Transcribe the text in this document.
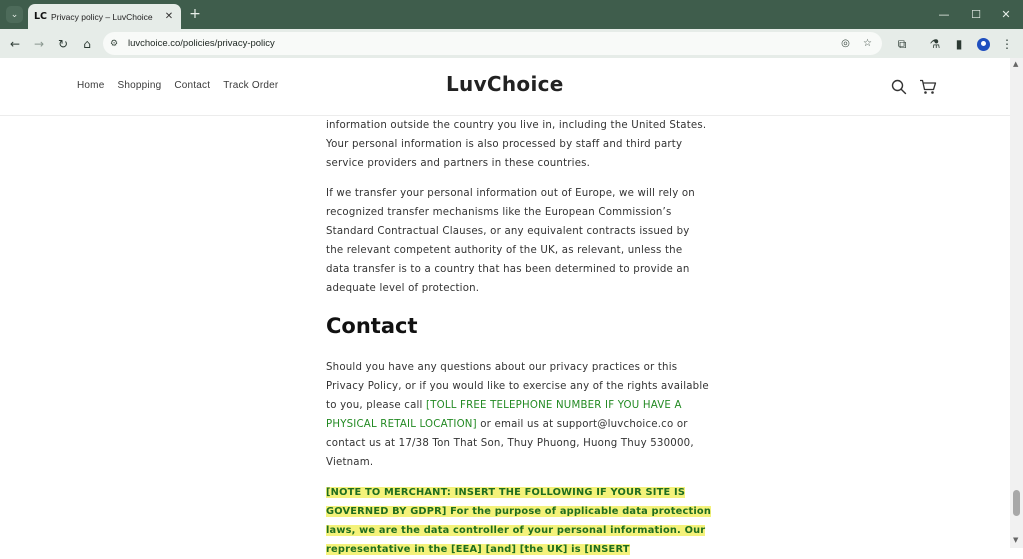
⌄	LC Privacy policy – LuvChoice	✕ +	—	☐	✕
←	→	↻	⌂	⚙	luvchoice.co/policies/privacy-policy	◎	☆	⧉	⚗	▮	⋮
Home Shopping Contact Track Order	LuvChoice
information outside the country you live in, including the United States.
Your personal information is also processed by staff and third party
service providers and partners in these countries.
If we transfer your personal information out of Europe, we will rely on
recognized transfer mechanisms like the European Commission’s
Standard Contractual Clauses, or any equivalent contracts issued by
the relevant competent authority of the UK, as relevant, unless the
data transfer is to a country that has been determined to provide an
adequate level of protection.
Contact
Should you have any questions about our privacy practices or this
Privacy Policy, or if you would like to exercise any of the rights available
to you, please call [TOLL FREE TELEPHONE NUMBER IF YOU HAVE A
PHYSICAL RETAIL LOCATION] or email us at support@luvchoice.co or
contact us at 17/38 Ton That Son, Thuy Phuong, Huong Thuy 530000,
Vietnam.
[NOTE TO MERCHANT: INSERT THE FOLLOWING IF YOUR SITE IS
GOVERNED BY GDPR] For the purpose of applicable data protection
laws, we are the data controller of your personal information. Our
representative in the [EEA] [and] [the UK] is [INSERT
▲
▼
